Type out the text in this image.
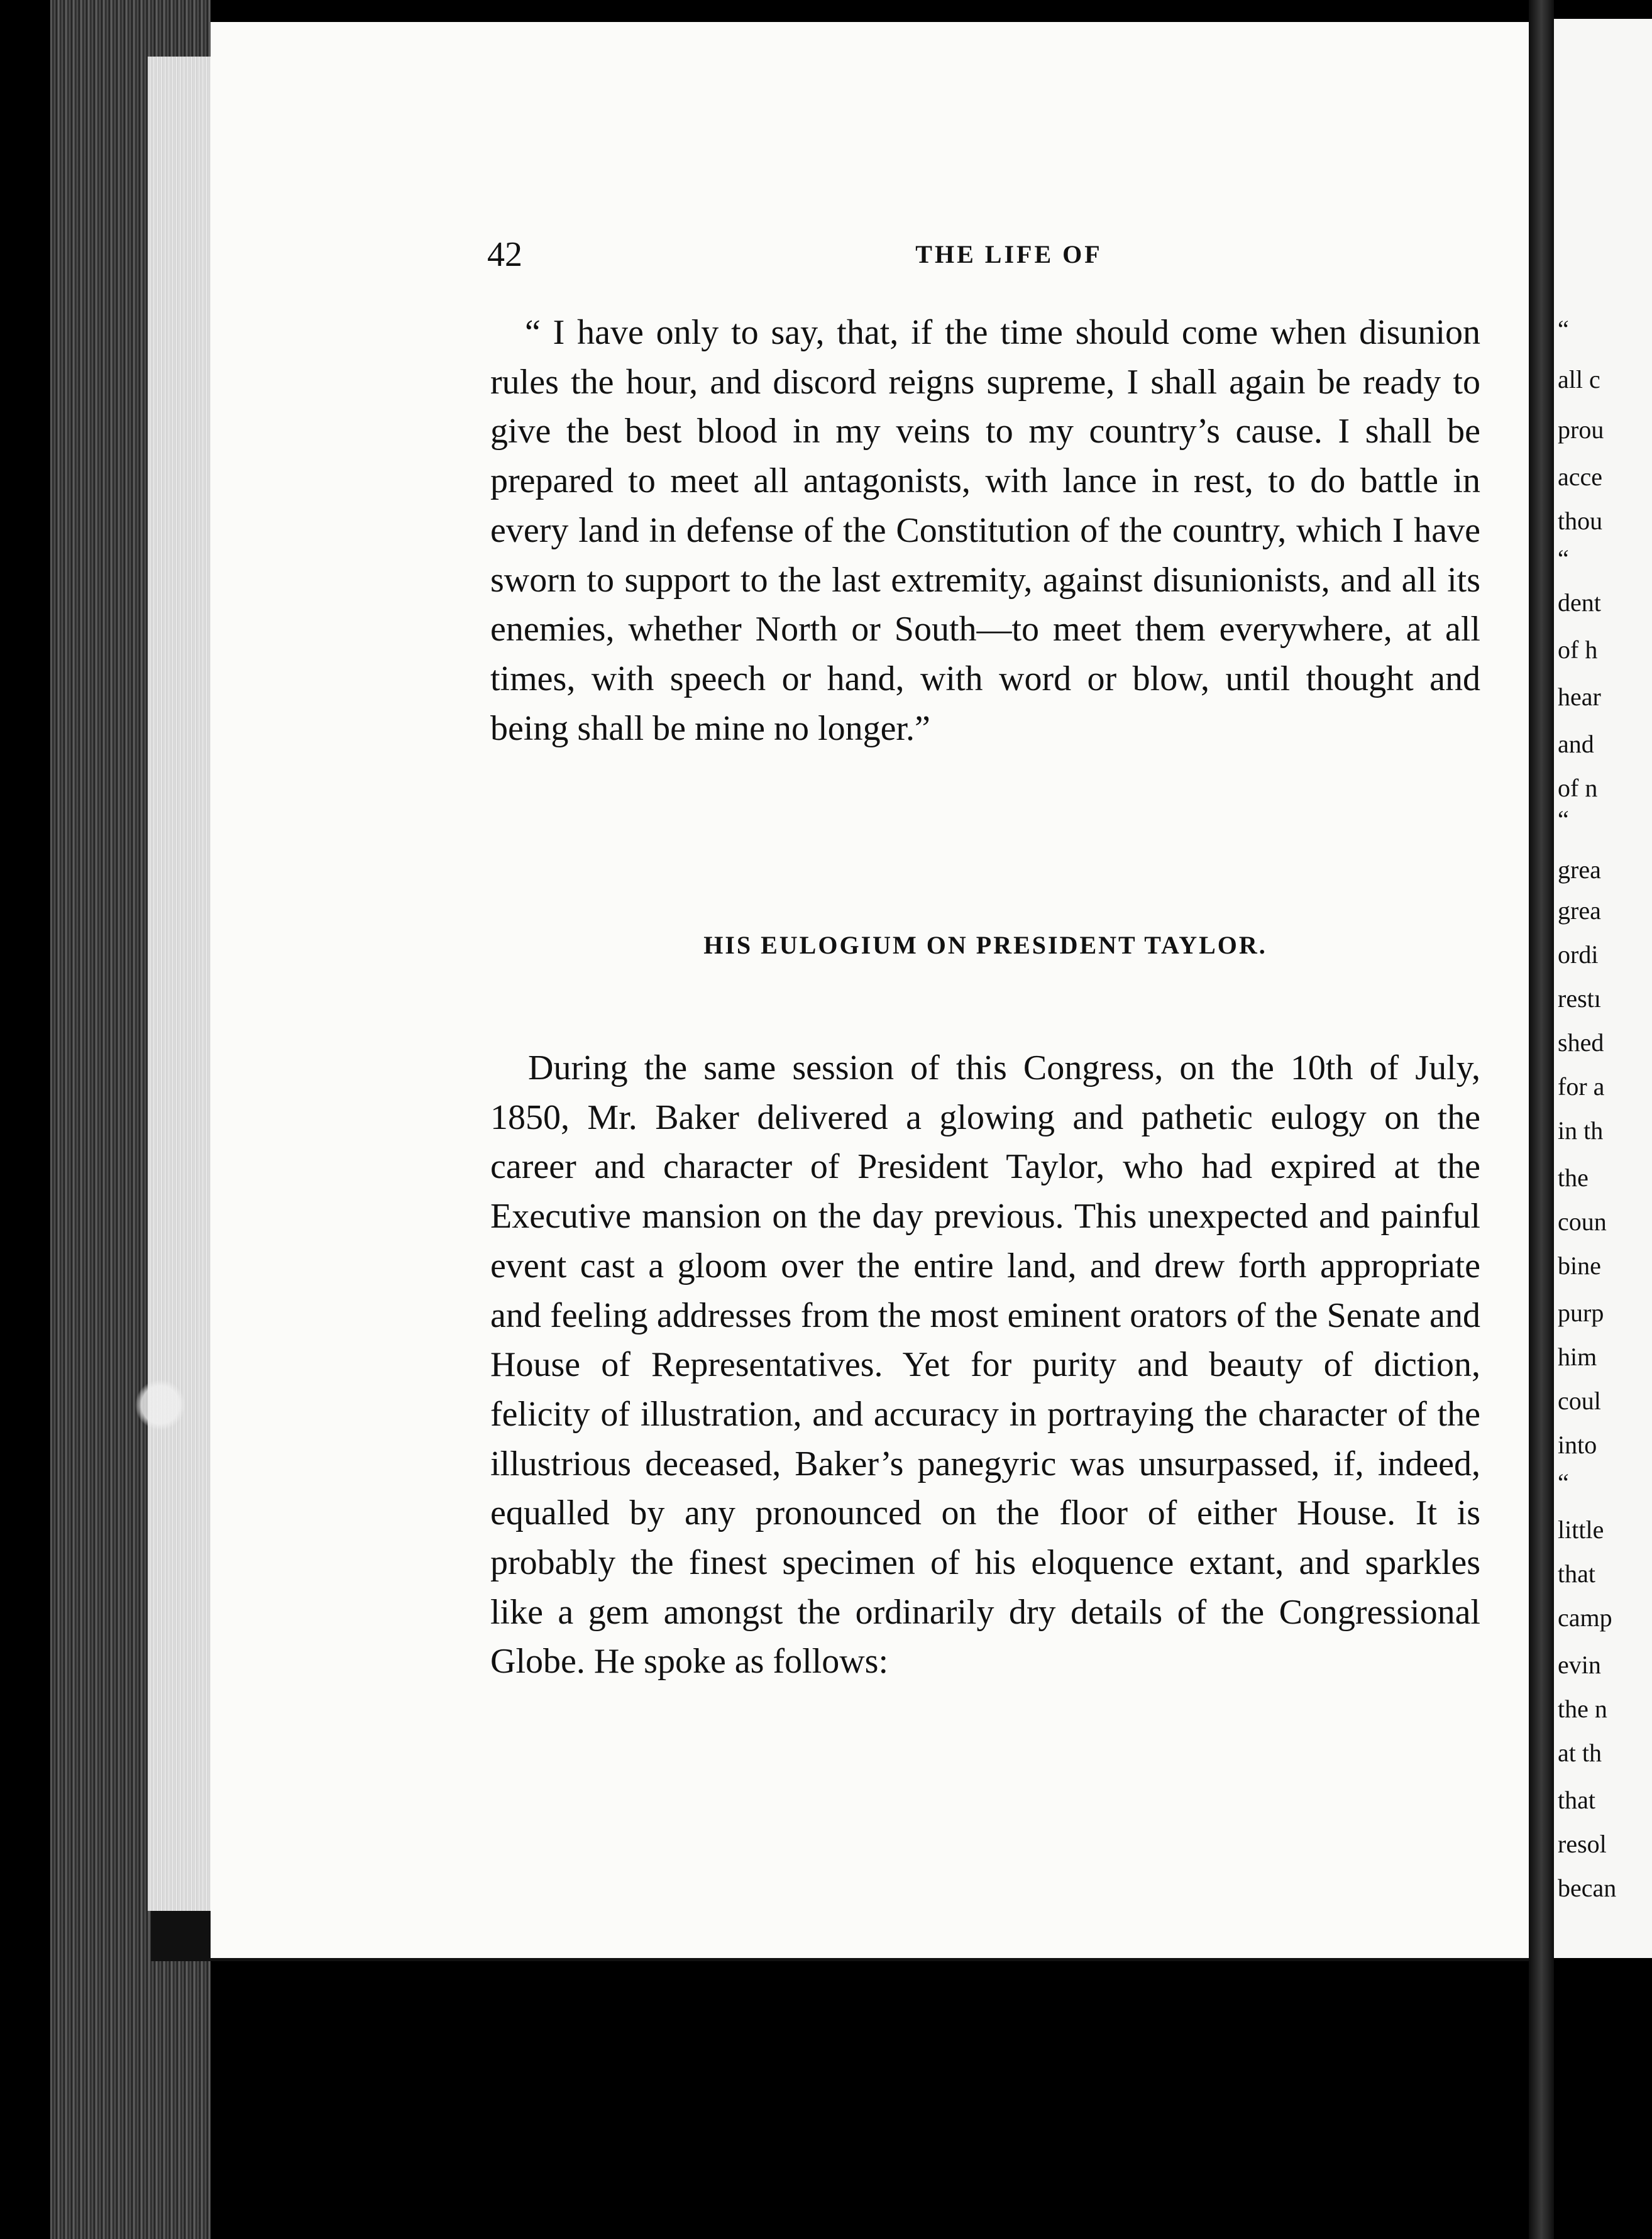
42	THE LIFE OF
“ I have only to say, that, if the time should come when disunion rules the hour, and discord reigns supreme, I shall again be ready to give the best blood in my veins to my country’s cause. I shall be prepared to meet all antagonists, with lance in rest, to do battle in every land in defense of the Constitution of the country, which I have sworn to support to the last extremity, against disunionists, and all its enemies, whether North or South—to meet them everywhere, at all times, with speech or hand, with word or blow, until thought and being shall be mine no longer.”
HIS EULOGIUM ON PRESIDENT TAYLOR.
During the same session of this Congress, on the 10th of July, 1850, Mr. Baker delivered a glowing and pathetic eulogy on the career and character of President Taylor, who had expired at the Executive mansion on the day previous. This unexpected and painful event cast a gloom over the entire land, and drew forth appropriate and feeling addresses from the most eminent orators of the Senate and House of Representatives. Yet for purity and beauty of diction, felicity of illustration, and accuracy in portraying the character of the illustrious deceased, Baker’s panegyric was unsurpassed, if, indeed, equalled by any pronounced on the floor of either House. It is probably the finest specimen of his eloquence extant, and sparkles like a gem amongst the ordinarily dry details of the Congressional Globe. He spoke as follows:
“
all c
prou
acce
thou
“
dent
of h
hear
and
of n
“
grea
grea
ordi
restı
shed
for a
in th
the
coun
bine
purp
him
coul
into
“
little
that
camp
evin
the n
at th
that
resol
becan
